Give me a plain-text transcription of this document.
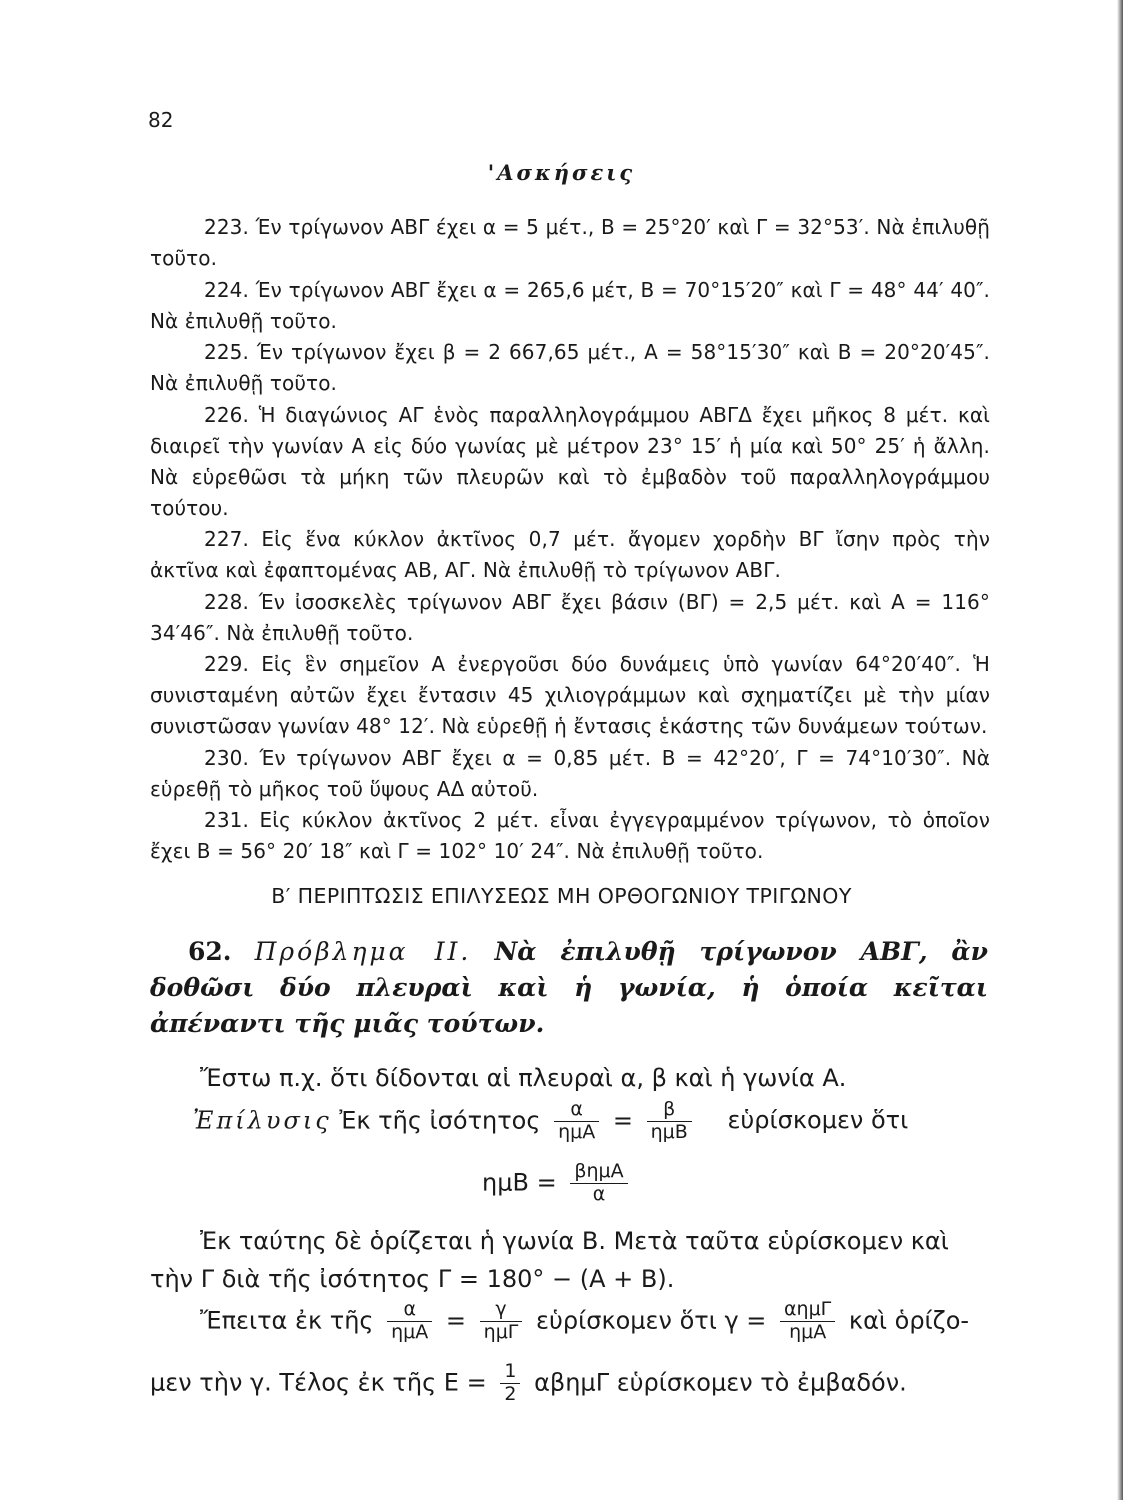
82
'Ασκήσεις

223. Έν τρίγωνον ΑΒΓ έχει α = 5 μέτ., Β = 25°20′ καὶ Γ = 32°53′. Νὰ ἐπιλυθῇ τοῦτο.

224. Έν τρίγωνον ΑΒΓ ἔχει α = 265,6 μέτ, Β = 70°15′20″ καὶ Γ = 48° 44′ 40″. Νὰ ἐπιλυθῇ τοῦτο.

225. Έν τρίγωνον ἔχει β = 2 667,65 μέτ., Α = 58°15′30″ καὶ Β = 20°20′45″. Νὰ ἐπιλυθῇ τοῦτο.

226. Ἡ διαγώνιος ΑΓ ἑνὸς παραλληλογράμμου ΑΒΓΔ ἔχει μῆκος 8 μέτ. καὶ διαιρεῖ τὴν γωνίαν Α εἰς δύο γωνίας μὲ μέτρον 23° 15′ ἡ μία καὶ 50° 25′ ἡ ἄλλη. Νὰ εὑρεθῶσι τὰ μήκη τῶν πλευρῶν καὶ τὸ ἐμβαδὸν τοῦ παραλληλογράμμου τούτου.

227. Εἰς ἕνα κύκλον ἀκτῖνος 0,7 μέτ. ἄγομεν χορδὴν ΒΓ ἴσην πρὸς τὴν ἀκτῖνα καὶ ἐφαπτομένας ΑΒ, ΑΓ. Νὰ ἐπιλυθῇ τὸ τρίγωνον ΑΒΓ.

228. Έν ἰσοσκελὲς τρίγωνον ΑΒΓ ἔχει βάσιν (ΒΓ) = 2,5 μέτ. καὶ Α = 116° 34′46″. Νὰ ἐπιλυθῇ τοῦτο.

229. Εἰς ἓν σημεῖον Α ἐνεργοῦσι δύο δυνάμεις ὑπὸ γωνίαν 64°20′40″. Ἡ συνισταμένη αὐτῶν ἔχει ἔντασιν 45 χιλιογράμμων καὶ σχηματίζει μὲ τὴν μίαν συνιστῶσαν γωνίαν 48° 12′. Νὰ εὑρεθῇ ἡ ἔντασις ἑκάστης τῶν δυνάμεων τούτων.

230. Έν τρίγωνον ΑΒΓ ἔχει α = 0,85 μέτ. Β = 42°20′, Γ = 74°10′30″. Νὰ εὑρεθῇ τὸ μῆκος τοῦ ὕψους ΑΔ αὐτοῦ.

231. Εἰς κύκλον ἀκτῖνος 2 μέτ. εἶναι ἐγγεγραμμένον τρίγωνον, τὸ ὁποῖον ἔχει Β = 56° 20′ 18″ καὶ Γ = 102° 10′ 24″. Νὰ ἐπιλυθῇ τοῦτο.

Β′ ΠΕΡΙΠΤΩΣΙΣ ΕΠΙΛΥΣΕΩΣ ΜΗ ΟΡΘΟΓΩΝΙΟΥ ΤΡΙΓΩΝΟΥ
62. Πρόβλημα ΙΙ. Νὰ ἐπιλυθῇ τρίγωνον ΑΒΓ, ἂν δοθῶσι δύο πλευραὶ καὶ ἡ γωνία, ἡ ὁποία κεῖται ἀπέναντι τῆς μιᾶς τούτων.
Ἔστω π.χ. ὅτι δίδονται αἱ πλευραὶ α, β καὶ ἡ γωνία Α.
Ἐπίλυσις Ἐκ τῆς ἰσότητος $\frac{\alpha}{\text{ημΑ}} = \frac{\beta}{\text{ημΒ}}$ εὑρίσκομεν ὅτι
$\eta\mu B = \frac{\text{βημΑ}}{\alpha}$
Ἐκ ταύτης δὲ ὁρίζεται ἡ γωνία Β. Μετὰ ταῦτα εὑρίσκομεν καὶ
τὴν Γ διὰ τῆς ἰσότητος Γ = 180° − (Α + Β).
Ἔπειτα ἐκ τῆς $\frac{\alpha}{\text{ημΑ}} = \frac{\gamma}{\text{ημΓ}}$ εὑρίσκομεν ὅτι $\gamma = \frac{\text{αημΓ}}{\text{ημΑ}}$ καὶ ὁρίζο-
μεν τὴν γ. Τέλος ἐκ τῆς $E = \frac{1}{2}$ αβημΓ εὑρίσκομεν τὸ ἐμβαδόν.
